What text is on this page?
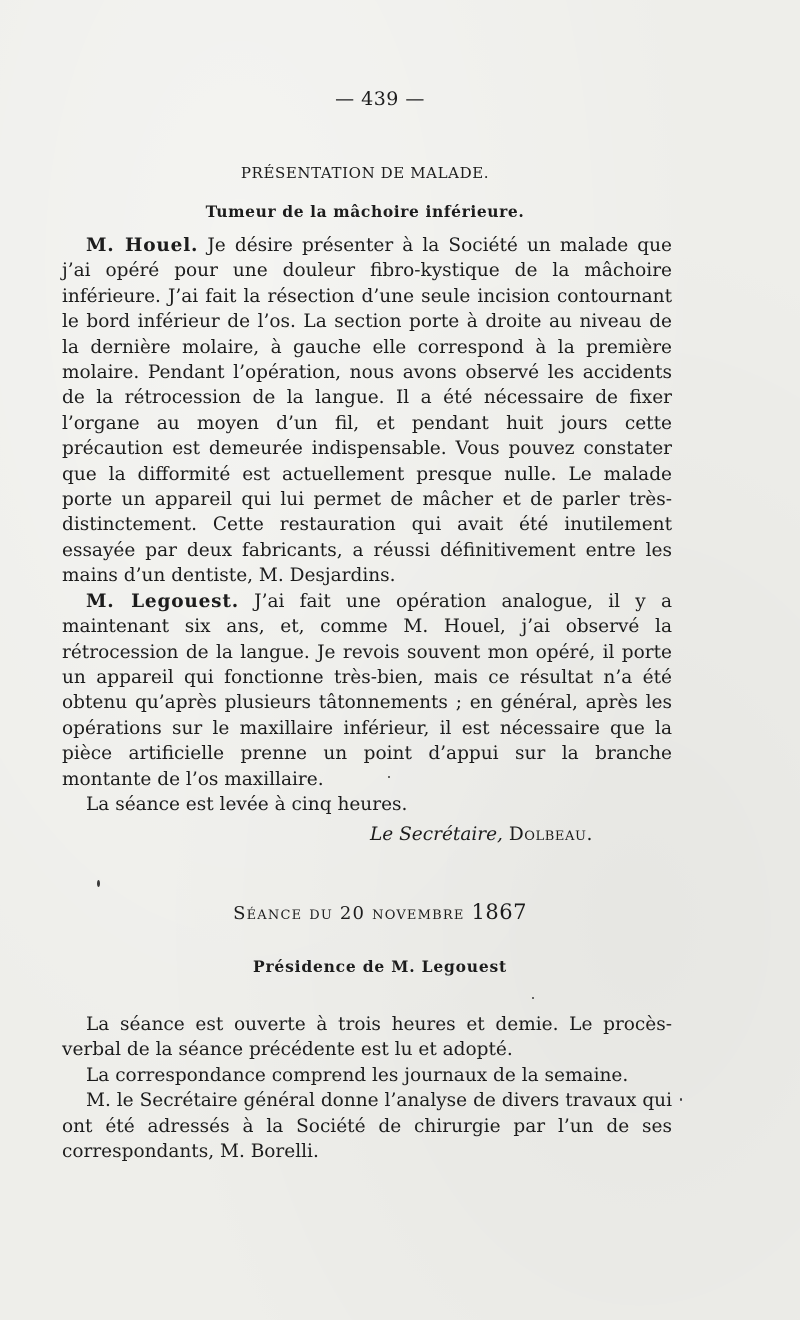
— 439 —
PRÉSENTATION DE MALADE.
Tumeur de la mâchoire inférieure.

M. Houel. Je désire présenter à la Société un malade que j’ai opéré pour une douleur fibro-kystique de la mâchoire inférieure. J’ai fait la résection d’une seule incision contournant le bord inférieur de l’os. La section porte à droite au niveau de la dernière molaire, à gauche elle correspond à la première molaire. Pendant l’opération, nous avons observé les accidents de la rétrocession de la langue. Il a été nécessaire de fixer l’organe au moyen d’un fil, et pendant huit jours cette précaution est demeurée indispensable. Vous pouvez constater que la difformité est actuellement presque nulle. Le malade porte un appareil qui lui permet de mâcher et de parler très-distinctement. Cette restauration qui avait été inutilement essayée par deux fabricants, a réussi définitivement entre les mains d’un dentiste, M. Desjardins.

M. Legouest. J’ai fait une opération analogue, il y a maintenant six ans, et, comme M. Houel, j’ai observé la rétrocession de la langue. Je revois souvent mon opéré, il porte un appareil qui fonctionne très-bien, mais ce résultat n’a été obtenu qu’après plusieurs tâtonnements ; en général, après les opérations sur le maxillaire inférieur, il est nécessaire que la pièce artificielle prenne un point d’appui sur la branche montante de l’os maxillaire.

La séance est levée à cinq heures.

Le Secrétaire, Dolbeau.
Séance du 20 novembre 1867
Présidence de M. Legouest

La séance est ouverte à trois heures et demie. Le procès-verbal de la séance précédente est lu et adopté.

La correspondance comprend les journaux de la semaine.

M. le Secrétaire général donne l’analyse de divers travaux qui ont été adressés à la Société de chirurgie par l’un de ses correspondants, M. Borelli.
